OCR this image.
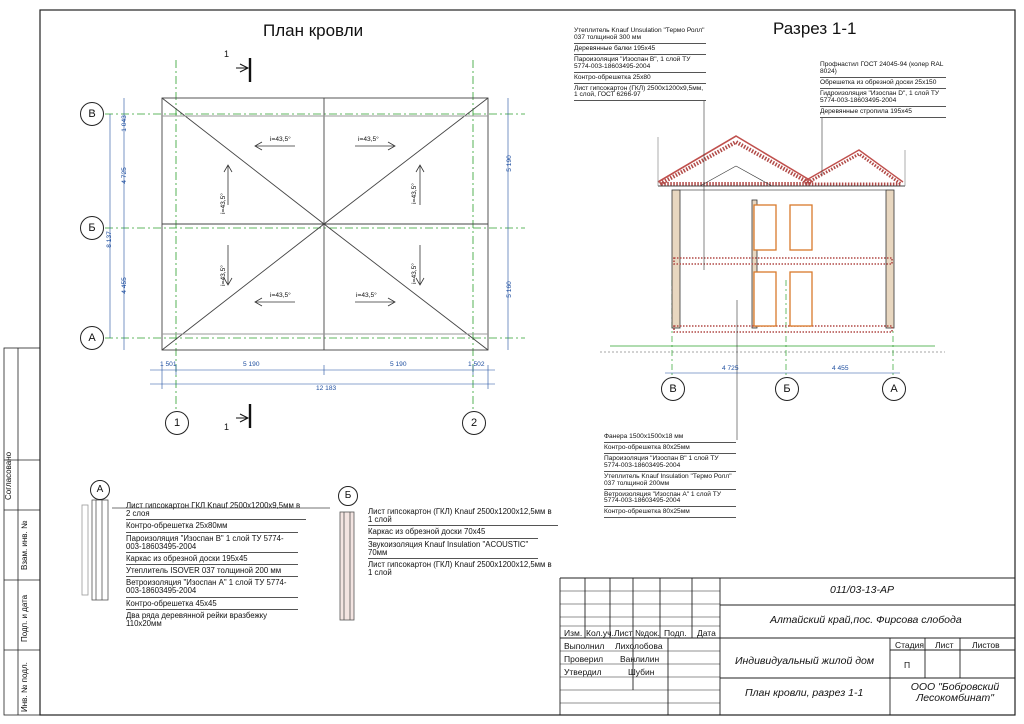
План кровли
В
Б
А
1	2
1
1
i=43,5°	i=43,5°
i=43,5°	i=43,5°
i=43,5°	i=43,5°
i=43,5°	i=43,5°
1 501	5 190	5 190	1 502
12 183
1 043
4 725
8 137
4 455
5 190
5 160
Разрез 1-1
Утеплитель Knauf Unsulation "Термо Ролл" 037 толщиной 300 мм
Деревянные балки 195х45
Пароизоляция "Изоспан В", 1 слой ТУ 5774-003-18603495-2004
Контро-обрешетка 25х80
Лист гипсокартон (ГКЛ) 2500х1200х9,5мм, 1 слой, ГОСТ 6266-97
Профнастил ГОСТ 24045-94 (колер RAL 8024)
Обрешетка из обрезной доски 25х150
Гидроизоляция "Изоспан D", 1 слой ТУ 5774-003-18603495-2004
Деревянные стропила 195х45
Фанера 1500х1500х18 мм
Контро-обрешетка 80х25мм
Пароизоляция "Изоспан В" 1 слой ТУ 5774-003-18603495-2004
Утеплитель Knauf Insulation "Термо Ролл" 037 толщиной 200мм
Ветроизоляция "Изоспан А" 1 слой ТУ 5774-003-18603495-2004
Контро-обрешетка 80х25мм
В	Б	А
4 725	4 455
А
Лист гипсокартон ГКЛ Knauf 2500х1200х9,5мм в 2 слоя
Контро-обрешетка 25х80мм
Пароизоляция "Изоспан В" 1 слой ТУ 5774-003-18603495-2004
Каркас из обрезной доски 195х45
Утеплитель ISOVER 037 толщиной 200 мм
Ветроизоляция "Изоспан А" 1 слой ТУ 5774-003-18603495-2004
Контро-обрешетка 45х45
Два ряда деревянной рейки вразбежку 110х20мм
Б
Лист гипсокартон (ГКЛ) Knauf 2500х1200х12,5мм в 1 слой
Каркас из обрезной доски 70х45
Звукоизоляция Knauf Insulation "ACOUSTIC" 70мм
Лист гипсокартон (ГКЛ) Knauf 2500х1200х12,5мм в 1 слой
Согласовано
Взам. инв. №
Подп. и дата
Инв. № подл.
011/03-13-АР
Алтайский край,пос. Фирсова слобода
Индивидуальный жилой дом
План кровли, разрез 1-1	ООО "Бобровский Лесокомбинат"
Изм. Кол.уч. Лист №док. Подп. Дата
Стадия Лист Листов
П
Выполнил Лихолобова
Проверил Ванлилин
Утвердил	Шубин
